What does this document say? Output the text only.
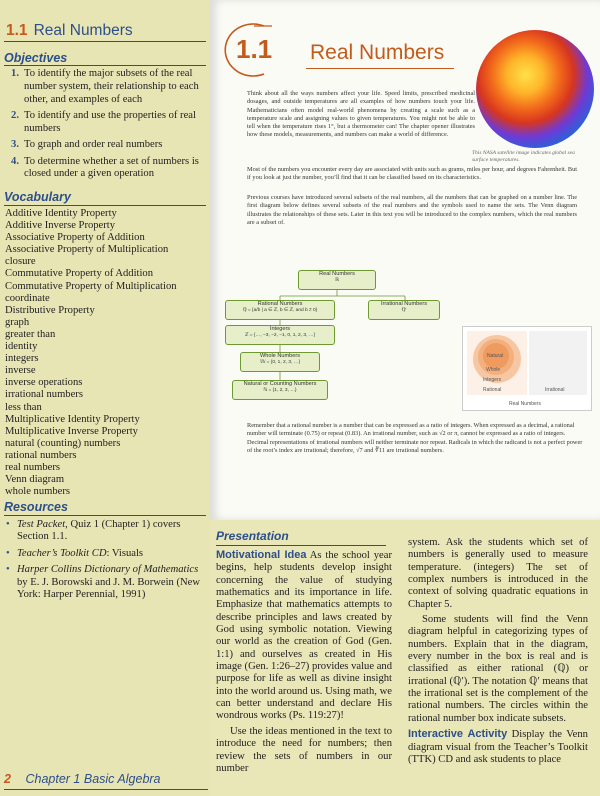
1.1 Real Numbers
Objectives
1. To identify the major subsets of the real number system, their relationship to each other, and examples of each
2. To identify and use the properties of real numbers
3. To graph and order real numbers
4. To determine whether a set of numbers is closed under a given operation
Vocabulary
Additive Identity Property
Additive Inverse Property
Associative Property of Addition
Associative Property of Multiplication
closure
Commutative Property of Addition
Commutative Property of Multiplication
coordinate
Distributive Property
graph
greater than
identity
integers
inverse
inverse operations
irrational numbers
less than
Multiplicative Identity Property
Multiplicative Inverse Property
natural (counting) numbers
rational numbers
real numbers
Venn diagram
whole numbers
Resources
• Test Packet, Quiz 1 (Chapter 1) covers Section 1.1.
• Teacher’s Toolkit CD: Visuals
• Harper Collins Dictionary of Mathematics by E. J. Borowski and J. M. Borwein (New York: Harper Perennial, 1991)
2 Chapter 1 Basic Algebra
1.1 Real Numbers
This NASA satellite image indicates global sea surface temperatures.
Think about all the ways numbers affect your life. Speed limits, prescribed medicinal dosages, and outside temperatures are all examples of how numbers touch your life. Mathematicians often model real-world phenomena by creating a scale such as a temperature scale and assigning values to given temperatures. You might not be able to tell when the temperature rises 1°, but a thermometer can! The chapter opener illustrates how these models, measurements, and numbers can make a world of difference.
Most of the numbers you encounter every day are associated with units such as grams, miles per hour, and degrees Fahrenheit. But if you look at just the number, you’ll find that it can be classified based on its characteristics.
Previous courses have introduced several subsets of the real numbers, all the numbers that can be graphed on a number line. The first diagram below defines several subsets of the real numbers and the symbols used to name the sets. The Venn diagram illustrates the relationships of these sets. Later in this text you will be introduced to the complex numbers, which the real numbers are a subset of.
Real Numbers
ℝ
Rational Numbers
ℚ = {a/b | a ∈ ℤ, b ∈ ℤ, and b ≠ 0}
Irrational Numbers
ℚ′
Integers
ℤ = {…, −3, −2, −1, 0, 1, 2, 3, …}
Whole Numbers
𝕎 = {0, 1, 2, 3, …}
Natural or Counting Numbers
ℕ = {1, 2, 3, …}
Natural
Whole
Integers
Rational	Irrational
Real Numbers
Remember that a rational number is a number that can be expressed as a ratio of integers. When expressed as a decimal, a rational number will terminate (0.75) or repeat (0.83). An irrational number, such as √2 or π, cannot be expressed as a ratio of integers. Decimal representations of irrational numbers will neither terminate nor repeat. Radicals in which the radicand is not a perfect power of the root’s index are irrational; therefore, √7 and ∛11 are irrational numbers.
Presentation

Motivational Idea As the school year begins, help students develop insight concerning the value of studying mathematics and its importance in life. Emphasize that mathematics attempts to describe principles and laws created by God using symbolic notation. Viewing our world as the creation of God (Gen. 1:1) and ourselves as created in His image (Gen. 1:26–27) provides value and purpose for life as well as divine insight into the world around us. Using math, we can better understand and declare His wondrous works (Ps. 119:27)!

Use the ideas mentioned in the text to introduce the need for numbers; then review the sets of numbers in our number

system. Ask the students which set of numbers is generally used to measure temperature. (integers) The set of complex numbers is introduced in the context of solving quadratic equations in Chapter 5.

Some students will find the Venn diagram helpful in categorizing types of numbers. Explain that in the diagram, every number in the box is real and is classified as either rational (ℚ) or irrational (ℚ′). The notation ℚ′ means that the irrational set is the complement of the rational numbers. The circles within the rational number box indicate subsets.

Interactive Activity Display the Venn diagram visual from the Teacher’s Toolkit (TTK) CD and ask students to place
